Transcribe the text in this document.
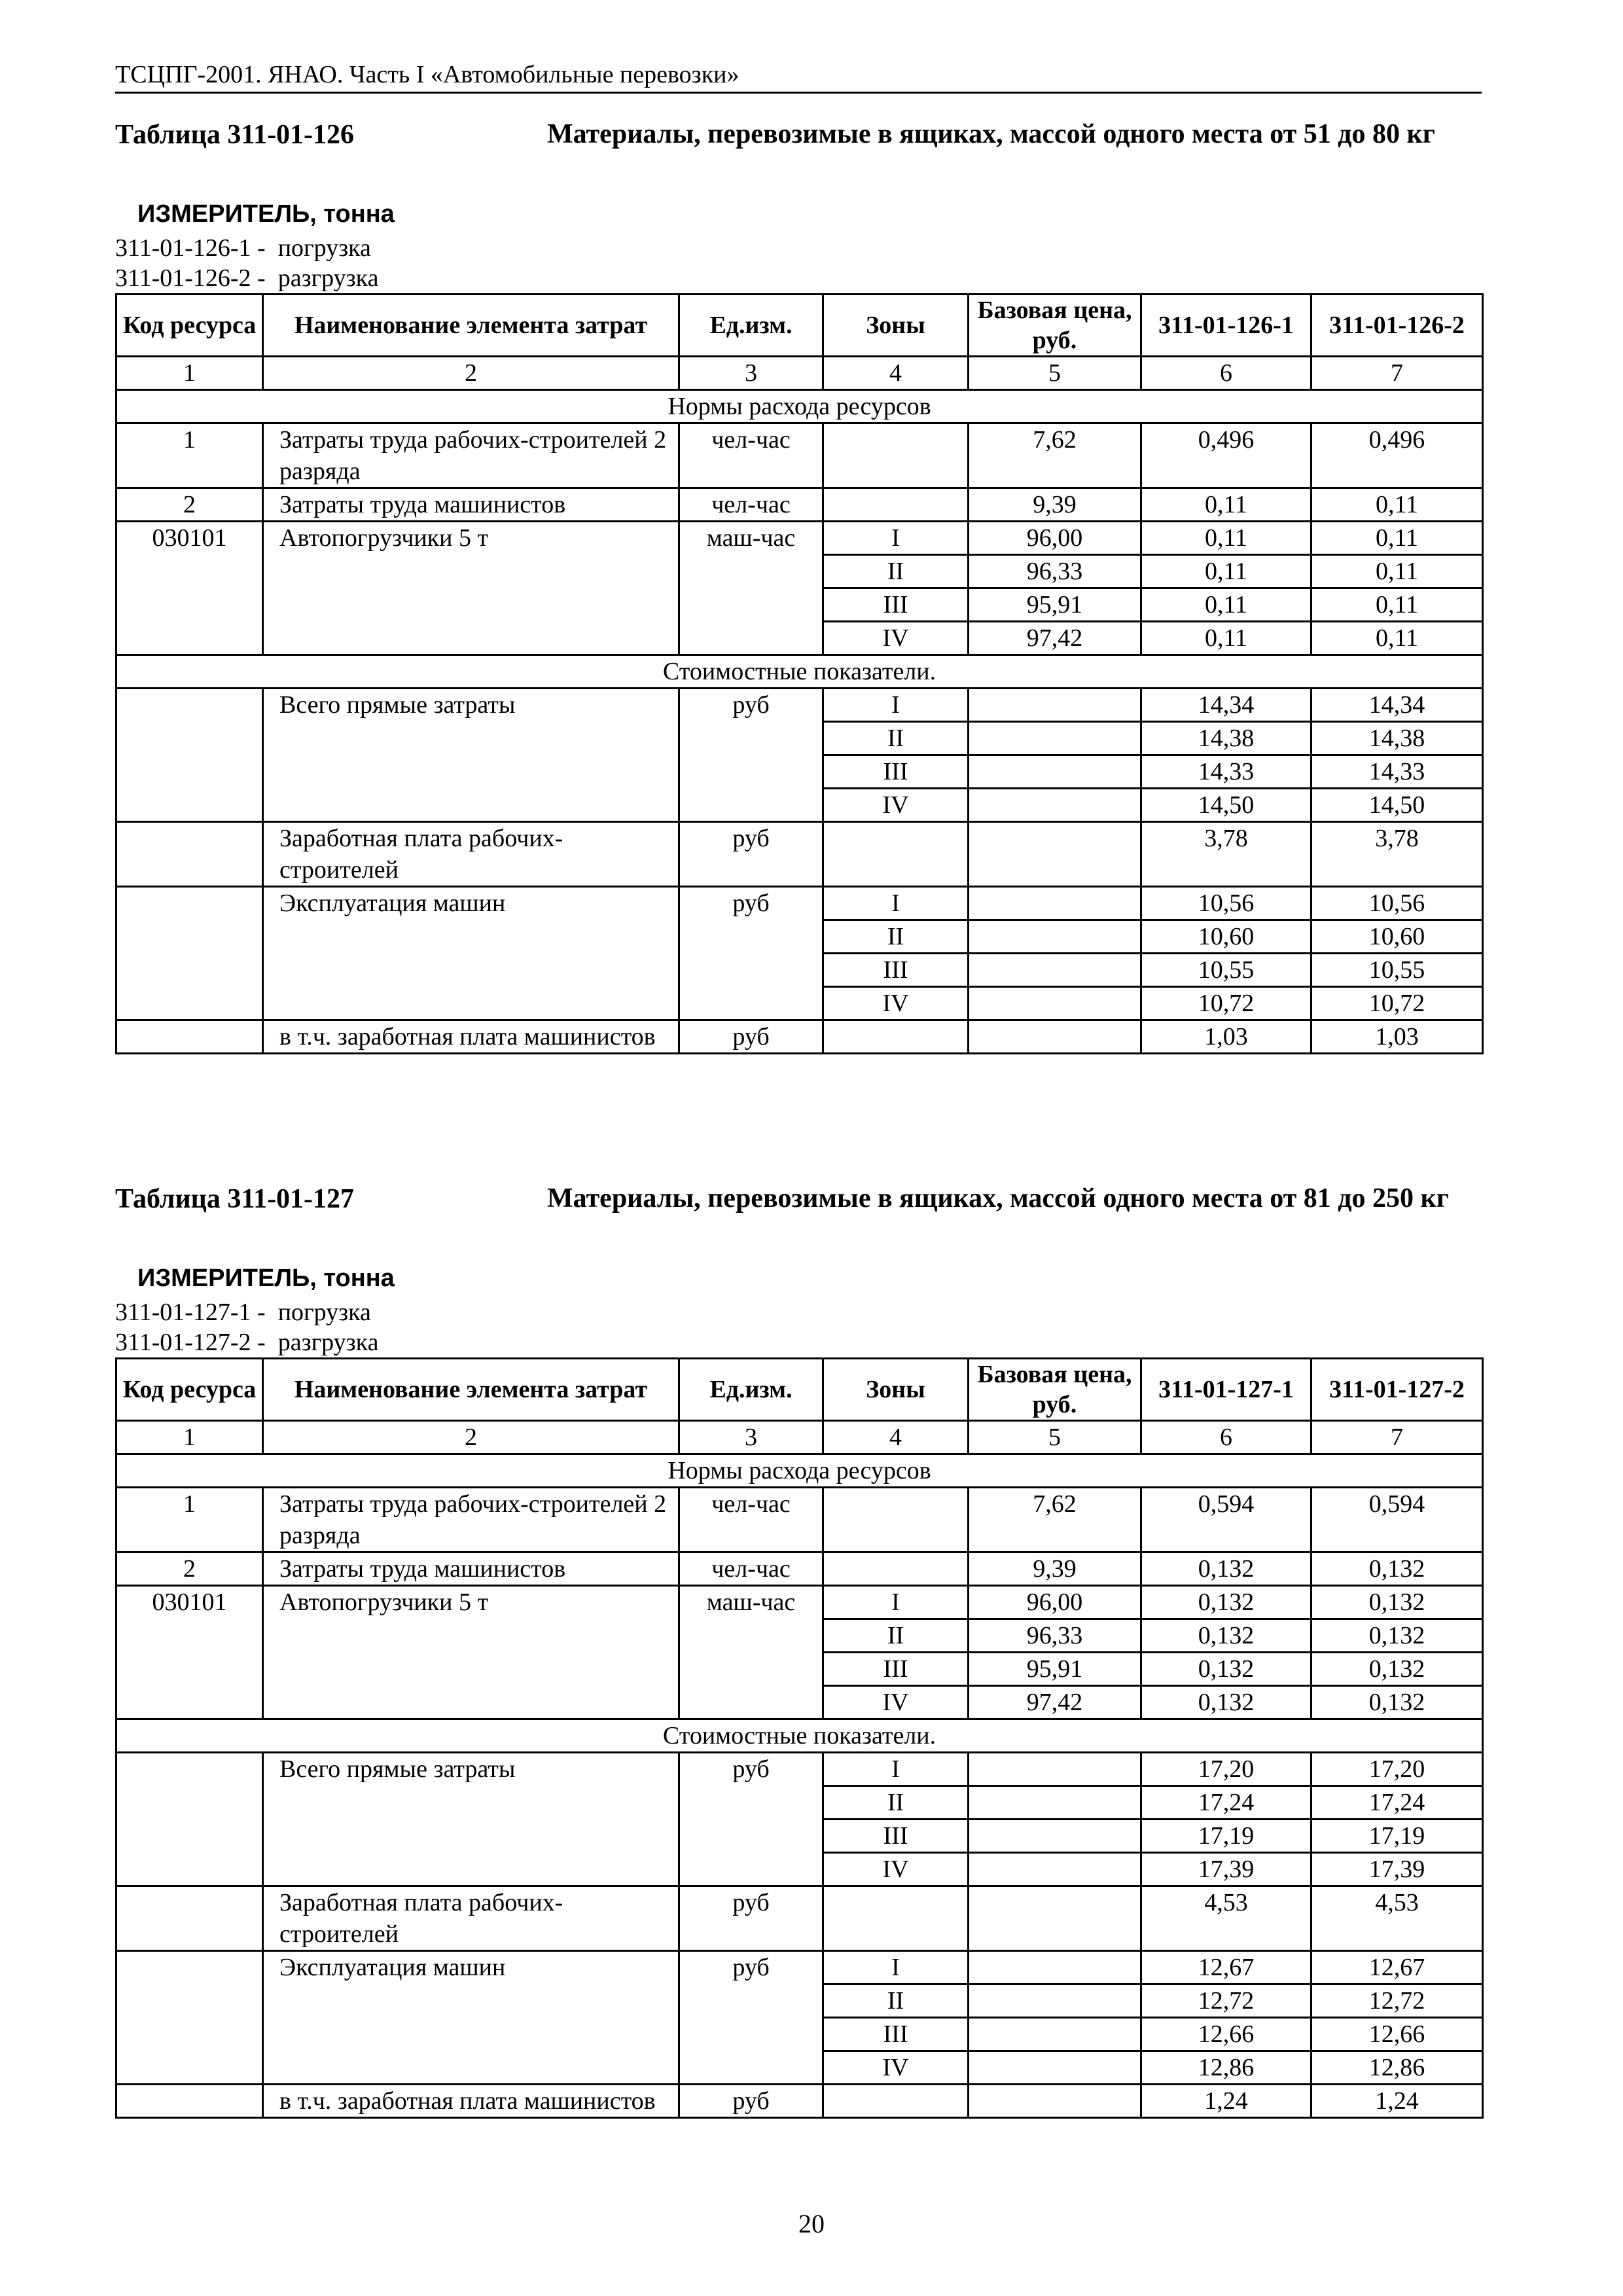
ТСЦПГ-2001. ЯНАО. Часть I «Автомобильные перевозки»
Таблица 311-01-126	Материалы, перевозимые в ящиках, массой одного места от 51 до 80 кг
ИЗМЕРИТЕЛЬ, тонна
311-01-126-1 -  погрузка
311-01-126-2 -  разгрузка
Код ресурса	Наименование элемента затрат	Ед.изм.	Зоны	Базовая цена, руб.	311-01-126-1	311-01-126-2
1	2	3	4	5	6	7
Нормы расхода ресурсов						
1	Затраты труда рабочих-строителей 2 разряда	чел-час		7,62	0,496	0,496
2	Затраты труда машинистов	чел-час		9,39	0,11	0,11
030101	Автопогрузчики 5 т	маш-час	I	96,00	0,11	0,11
			II	96,33	0,11	0,11
			III	95,91	0,11	0,11
			IV	97,42	0,11	0,11
Стоимостные показатели.						
	Всего прямые затраты	руб	I		14,34	14,34
			II		14,38	14,38
			III		14,33	14,33
			IV		14,50	14,50
	Заработная плата рабочих-строителей	руб			3,78	3,78
	Эксплуатация машин	руб	I		10,56	10,56
			II		10,60	10,60
			III		10,55	10,55
			IV		10,72	10,72
	в т.ч. заработная плата машинистов	руб			1,03	1,03
Таблица 311-01-127	Материалы, перевозимые в ящиках, массой одного места от 81 до 250 кг
ИЗМЕРИТЕЛЬ, тонна
311-01-127-1 -  погрузка
311-01-127-2 -  разгрузка
Код ресурса	Наименование элемента затрат	Ед.изм.	Зоны	Базовая цена, руб.	311-01-127-1	311-01-127-2
1	2	3	4	5	6	7
Нормы расхода ресурсов						
1	Затраты труда рабочих-строителей 2 разряда	чел-час		7,62	0,594	0,594
2	Затраты труда машинистов	чел-час		9,39	0,132	0,132
030101	Автопогрузчики 5 т	маш-час	I	96,00	0,132	0,132
			II	96,33	0,132	0,132
			III	95,91	0,132	0,132
			IV	97,42	0,132	0,132
Стоимостные показатели.						
	Всего прямые затраты	руб	I		17,20	17,20
			II		17,24	17,24
			III		17,19	17,19
			IV		17,39	17,39
	Заработная плата рабочих-строителей	руб			4,53	4,53
	Эксплуатация машин	руб	I		12,67	12,67
			II		12,72	12,72
			III		12,66	12,66
			IV		12,86	12,86
	в т.ч. заработная плата машинистов	руб			1,24	1,24
20
